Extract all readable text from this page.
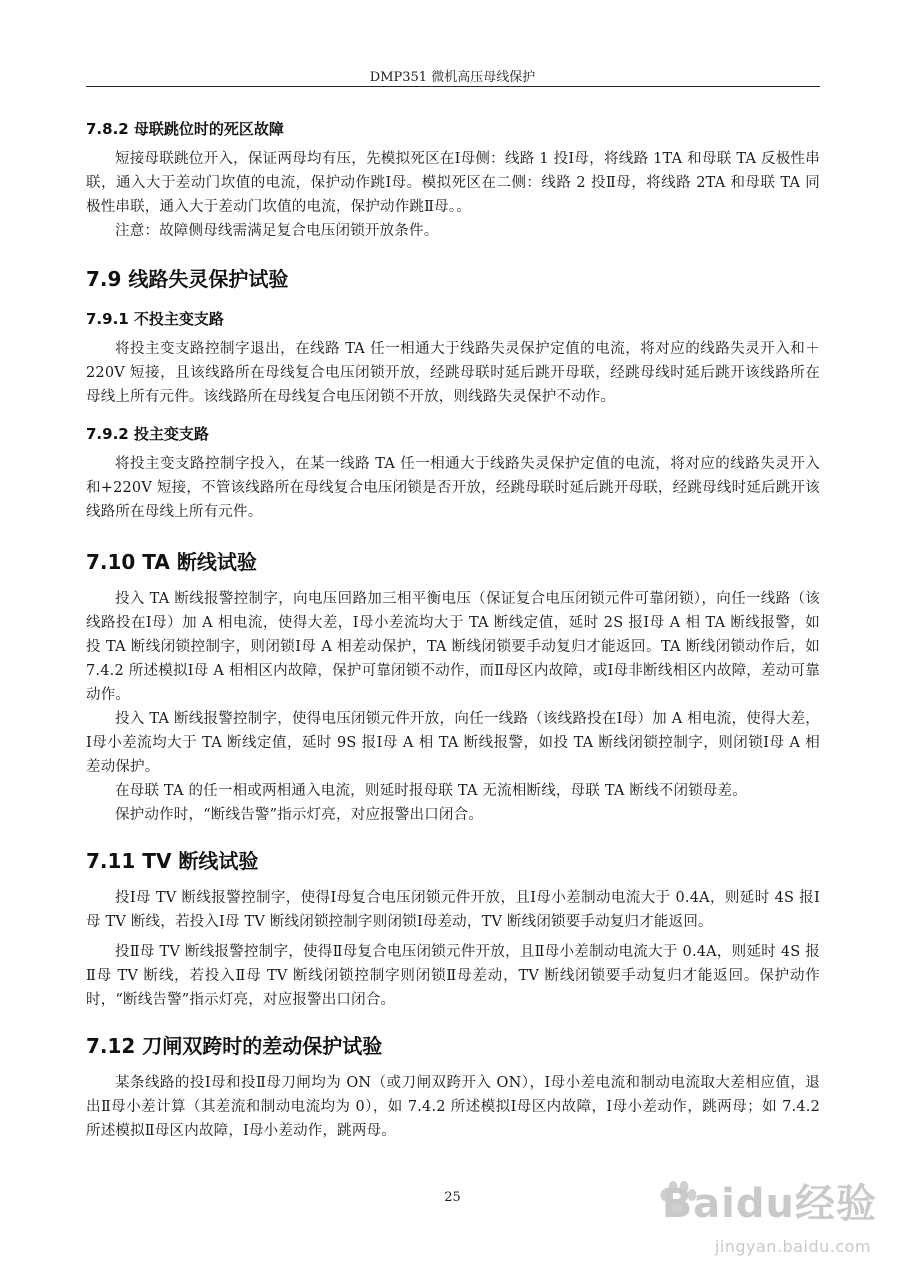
DMP351 微机高压母线保护
7.8.2 母联跳位时的死区故障

短接母联跳位开入，保证两母均有压，先模拟死区在Ⅰ母侧：线路 1 投Ⅰ母，将线路 1TA 和母联 TA 反极性串联，通入大于差动门坎值的电流，保护动作跳Ⅰ母。模拟死区在二侧：线路 2 投Ⅱ母，将线路 2TA 和母联 TA 同极性串联，通入大于差动门坎值的电流，保护动作跳Ⅱ母。。

注意：故障侧母线需满足复合电压闭锁开放条件。

7.9 线路失灵保护试验
7.9.1 不投主变支路

将投主变支路控制字退出，在线路 TA 任一相通大于线路失灵保护定值的电流，将对应的线路失灵开入和＋220V 短接，且该线路所在母线复合电压闭锁开放，经跳母联时延后跳开母联，经跳母线时延后跳开该线路所在母线上所有元件。该线路所在母线复合电压闭锁不开放，则线路失灵保护不动作。

7.9.2 投主变支路

将投主变支路控制字投入，在某一线路 TA 任一相通大于线路失灵保护定值的电流，将对应的线路失灵开入和+220V 短接，不管该线路所在母线复合电压闭锁是否开放，经跳母联时延后跳开母联，经跳母线时延后跳开该线路所在母线上所有元件。

7.10 TA 断线试验

投入 TA 断线报警控制字，向电压回路加三相平衡电压（保证复合电压闭锁元件可靠闭锁），向任一线路（该线路投在Ⅰ母）加 A 相电流，使得大差，Ⅰ母小差流均大于 TA 断线定值，延时 2S 报Ⅰ母 A 相 TA 断线报警，如投 TA 断线闭锁控制字，则闭锁Ⅰ母 A 相差动保护，TA 断线闭锁要手动复归才能返回。TA 断线闭锁动作后，如 7.4.2 所述模拟Ⅰ母 A 相相区内故障，保护可靠闭锁不动作，而Ⅱ母区内故障，或Ⅰ母非断线相区内故障，差动可靠动作。

投入 TA 断线报警控制字，使得电压闭锁元件开放，向任一线路（该线路投在Ⅰ母）加 A 相电流，使得大差，Ⅰ母小差流均大于 TA 断线定值，延时 9S 报Ⅰ母 A 相 TA 断线报警，如投 TA 断线闭锁控制字，则闭锁Ⅰ母 A 相差动保护。

在母联 TA 的任一相或两相通入电流，则延时报母联 TA 无流相断线，母联 TA 断线不闭锁母差。

保护动作时，“断线告警”指示灯亮，对应报警出口闭合。

7.11 TV 断线试验

投Ⅰ母 TV 断线报警控制字，使得Ⅰ母复合电压闭锁元件开放，且Ⅰ母小差制动电流大于 0.4A，则延时 4S 报Ⅰ母 TV 断线，若投入Ⅰ母 TV 断线闭锁控制字则闭锁Ⅰ母差动，TV 断线闭锁要手动复归才能返回。

投Ⅱ母 TV 断线报警控制字，使得Ⅱ母复合电压闭锁元件开放，且Ⅱ母小差制动电流大于 0.4A，则延时 4S 报Ⅱ母 TV 断线，若投入Ⅱ母 TV 断线闭锁控制字则闭锁Ⅱ母差动，TV 断线闭锁要手动复归才能返回。保护动作时，“断线告警”指示灯亮，对应报警出口闭合。

7.12 刀闸双跨时的差动保护试验

某条线路的投Ⅰ母和投Ⅱ母刀闸均为 ON（或刀闸双跨开入 ON），Ⅰ母小差电流和制动电流取大差相应值，退出Ⅱ母小差计算（其差流和制动电流均为 0），如 7.4.2 所述模拟Ⅰ母区内故障，Ⅰ母小差动作，跳两母；如 7.4.2 所述模拟Ⅱ母区内故障，Ⅰ母小差动作，跳两母。

25	Baidu经验
jingyan.baidu.com
